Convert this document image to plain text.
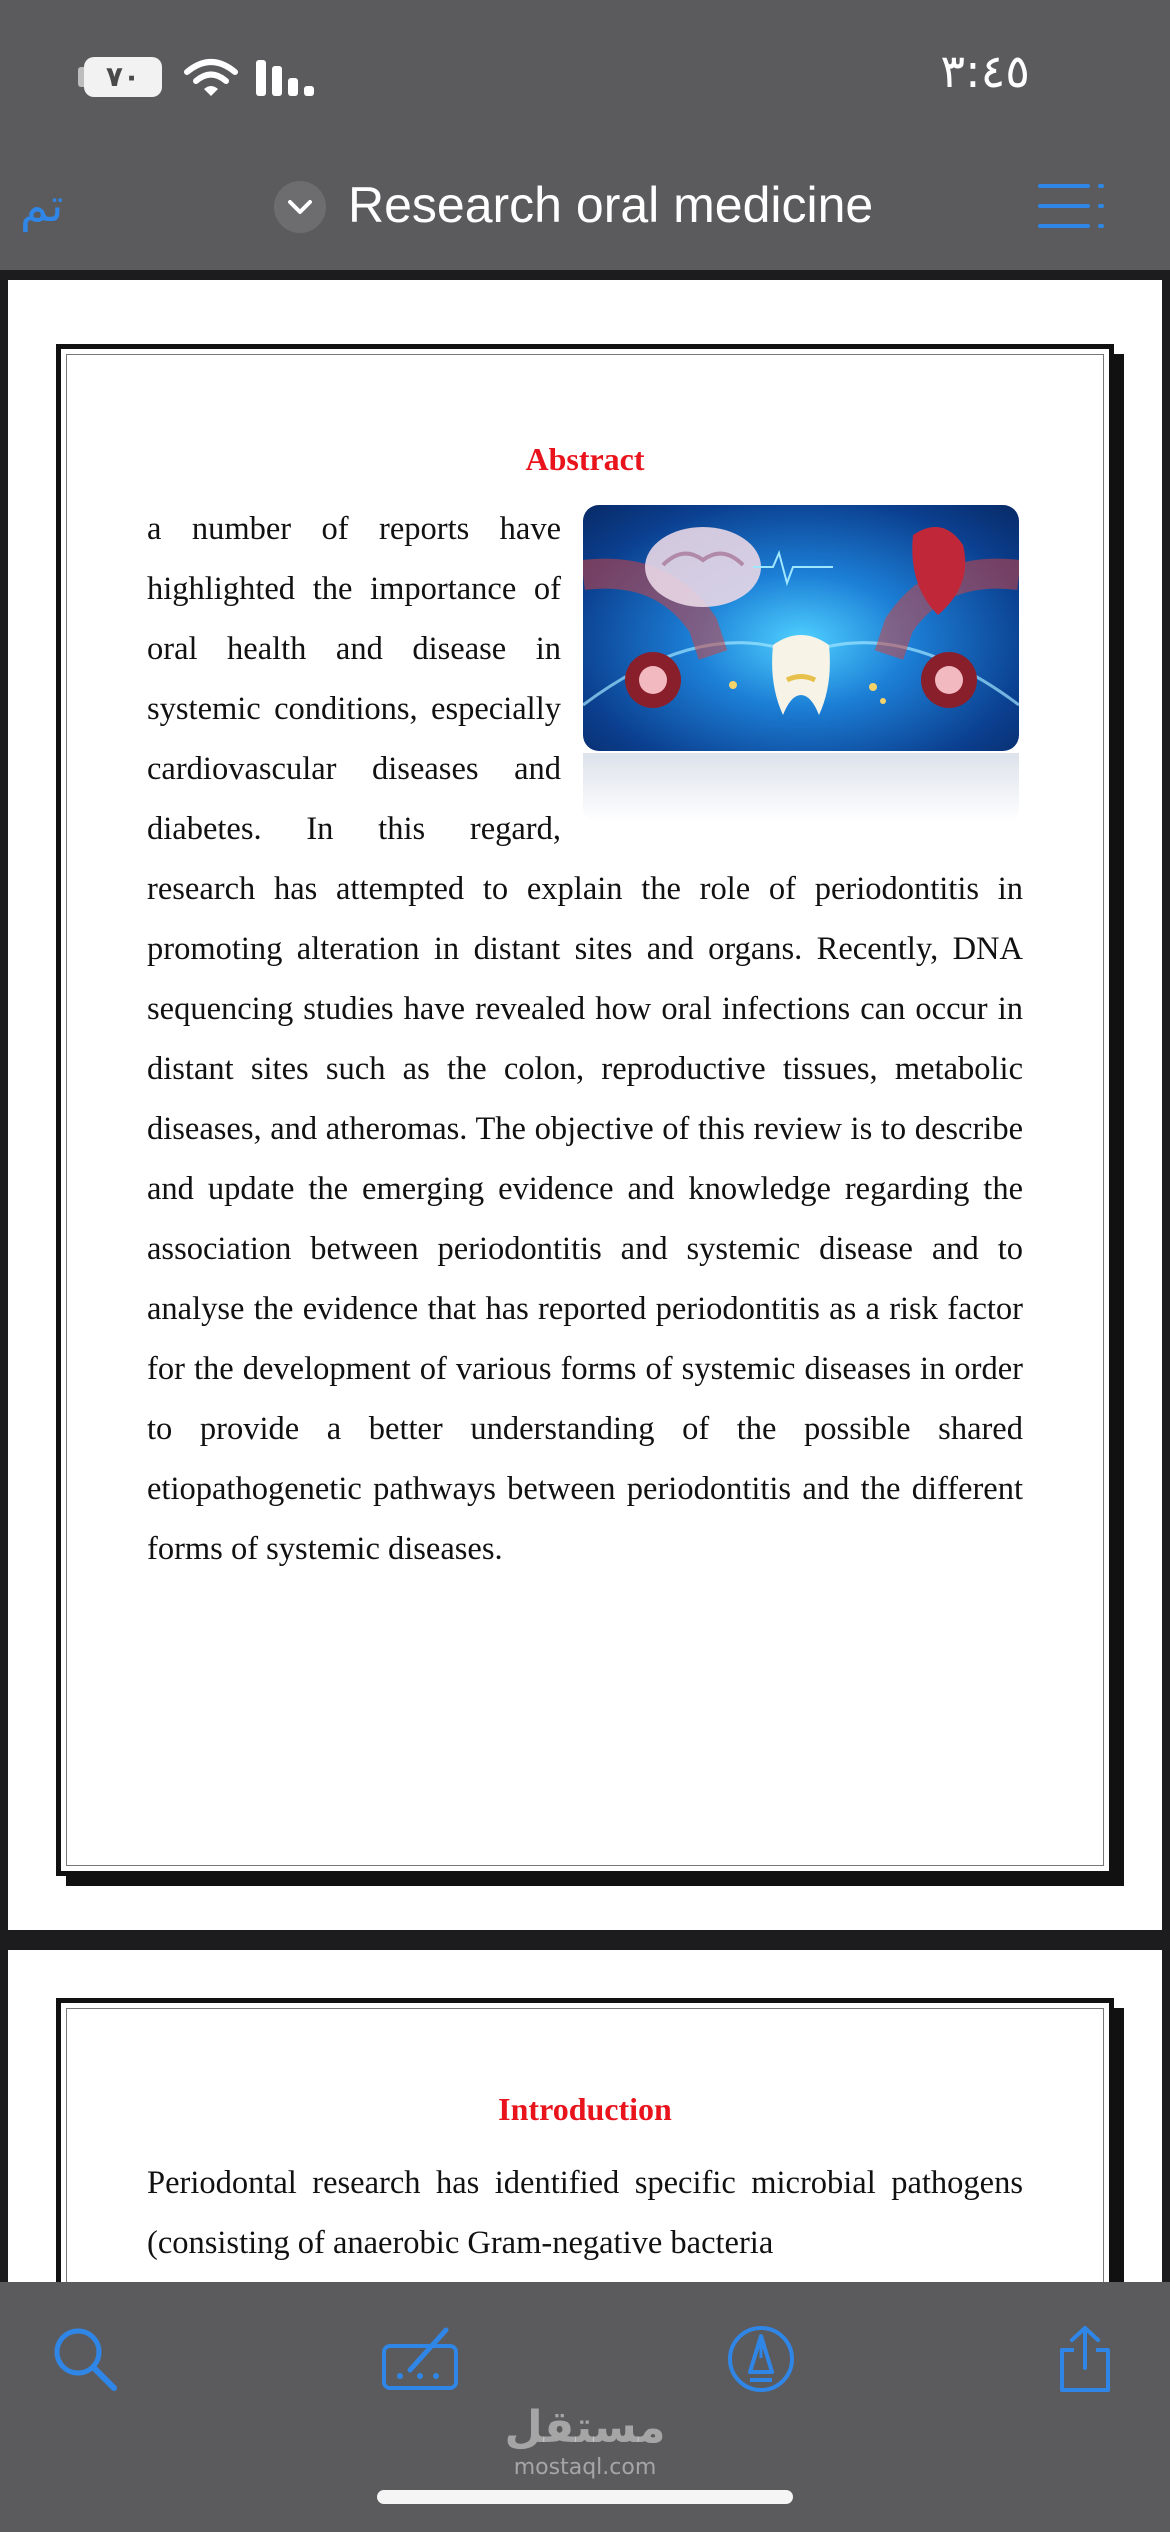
٧٠	٣:٤٥
تم	Research oral medicine
Abstract
a number of reports have highlighted the importance of oral health and disease in systemic conditions, especially cardiovascular diseases and diabetes. In this regard, research has attempted to explain the role of periodontitis in promoting alteration in distant sites and organs. Recently, DNA sequencing studies have revealed how oral infections can occur in distant sites such as the colon, reproductive tissues, metabolic diseases, and atheromas. The objective of this review is to describe and update the emerging evidence and knowledge regarding the association between periodontitis and systemic disease and to analyse the evidence that has reported periodontitis as a risk factor for the development of various forms of systemic diseases in order to provide a better understanding of the possible shared etiopathogenetic pathways between periodontitis and the different forms of systemic diseases.
Introduction
Periodontal research has identified specific microbial pathogens (consisting of anaerobic Gram-negative bacteria
مستقل
mostaql.com
